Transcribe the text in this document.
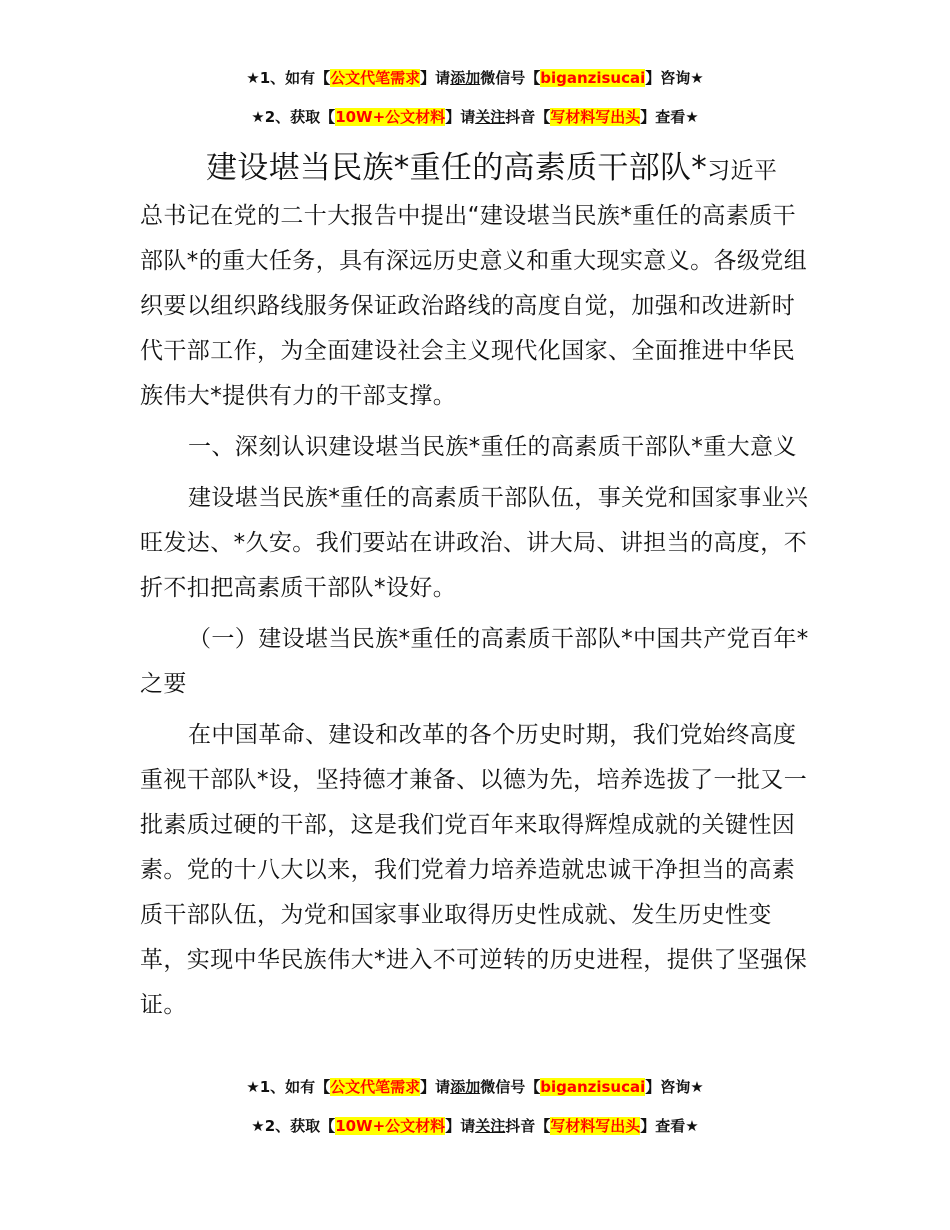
★1、如有【公文代笔需求】请添加微信号【biganzisucai】咨询★
★2、获取【10W+公文材料】请关注抖音【写材料写出头】查看★

建设堪当民族*重任的高素质干部队*习近平

总书记在党的二十大报告中提出“建设堪当民族*重任的高素质干部队*的重大任务，具有深远历史意义和重大现实意义。各级党组织要以组织路线服务保证政治路线的高度自觉，加强和改进新时代干部工作，为全面建设社会主义现代化国家、全面推进中华民族伟大*提供有力的干部支撑。

一、深刻认识建设堪当民族*重任的高素质干部队*重大意义

建设堪当民族*重任的高素质干部队伍，事关党和国家事业兴旺发达、*久安。我们要站在讲政治、讲大局、讲担当的高度，不折不扣把高素质干部队*设好。

（一）建设堪当民族*重任的高素质干部队*中国共产党百年*之要

在中国革命、建设和改革的各个历史时期，我们党始终高度重视干部队*设，坚持德才兼备、以德为先，培养选拔了一批又一批素质过硬的干部，这是我们党百年来取得辉煌成就的关键性因素。党的十八大以来，我们党着力培养造就忠诚干净担当的高素质干部队伍，为党和国家事业取得历史性成就、发生历史性变革，实现中华民族伟大*进入不可逆转的历史进程，提供了坚强保证。

★1、如有【公文代笔需求】请添加微信号【biganzisucai】咨询★
★2、获取【10W+公文材料】请关注抖音【写材料写出头】查看★
